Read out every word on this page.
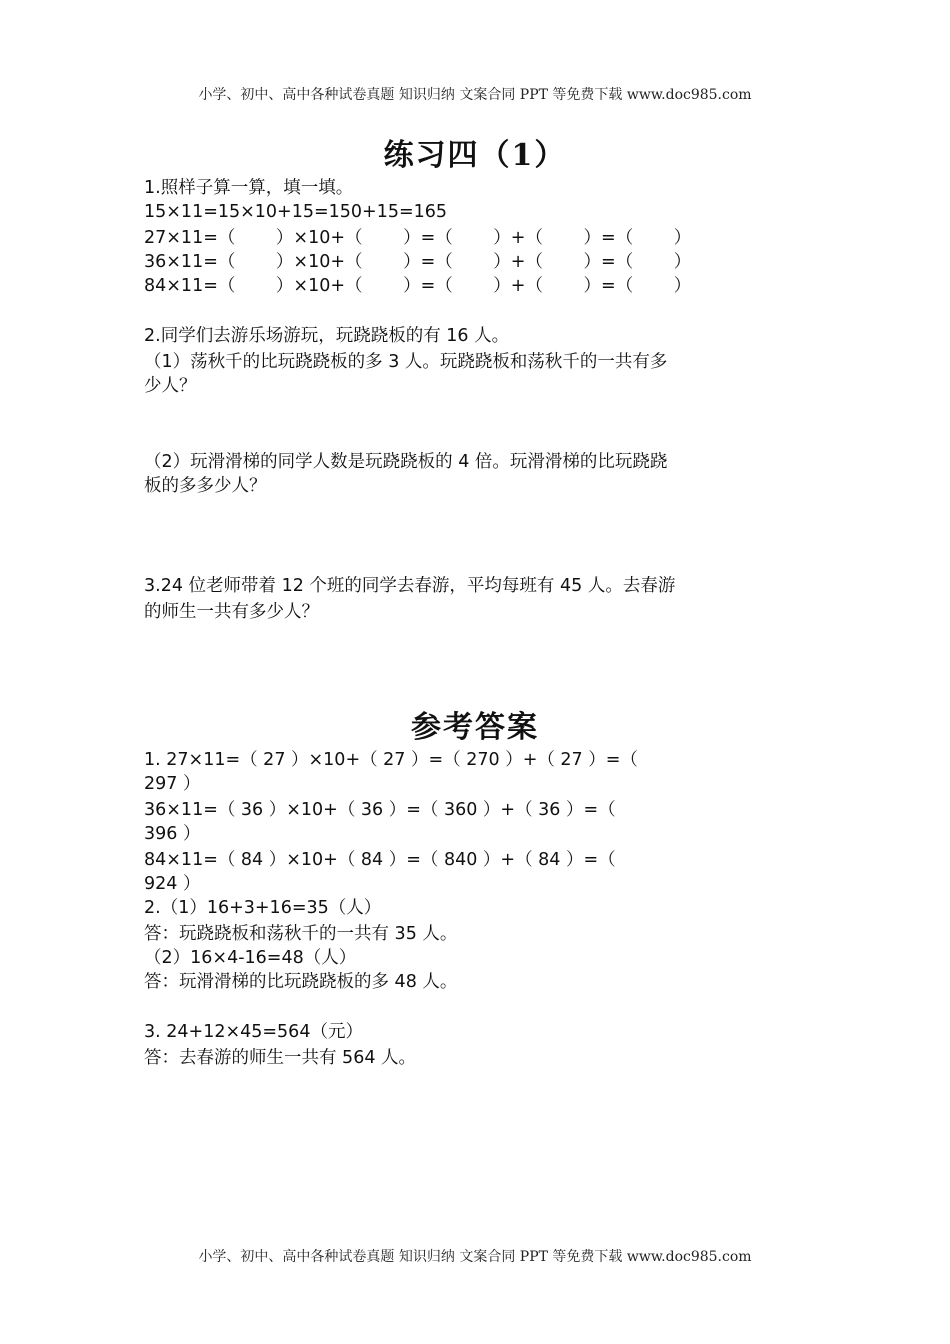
小学、初中、高中各种试卷真题 知识归纳 文案合同 PPT 等免费下载 www.doc985.com
练习四（1）
1.照样子算一算，填一填。
15×11=15×10+15=150+15=165
27×11=（　　 ）×10+（　　 ）=（　　 ）+（　　 ）=（　　 ）
36×11=（　　 ）×10+（　　 ）=（　　 ）+（　　 ）=（　　 ）
84×11=（　　 ）×10+（　　 ）=（　　 ）+（　　 ）=（　　 ）
2.同学们去游乐场游玩，玩跷跷板的有 16 人。
（1）荡秋千的比玩跷跷板的多 3 人。玩跷跷板和荡秋千的一共有多
少人？
（2）玩滑滑梯的同学人数是玩跷跷板的 4 倍。玩滑滑梯的比玩跷跷
板的多多少人？
3.24 位老师带着 12 个班的同学去春游，平均每班有 45 人。去春游
的师生一共有多少人？
参考答案
1. 27×11=（ 27 ）×10+（ 27 ）=（ 270 ）+（ 27 ）=（
297 ）
36×11=（ 36 ）×10+（ 36 ）=（ 360 ）+（ 36 ）=（
396 ）
84×11=（ 84 ）×10+（ 84 ）=（ 840 ）+（ 84 ）=（
924 ）
2.（1）16+3+16=35（人）
答：玩跷跷板和荡秋千的一共有 35 人。
（2）16×4-16=48（人）
答：玩滑滑梯的比玩跷跷板的多 48 人。
3. 24+12×45=564（元）
答：去春游的师生一共有 564 人。
小学、初中、高中各种试卷真题 知识归纳 文案合同 PPT 等免费下载 www.doc985.com
